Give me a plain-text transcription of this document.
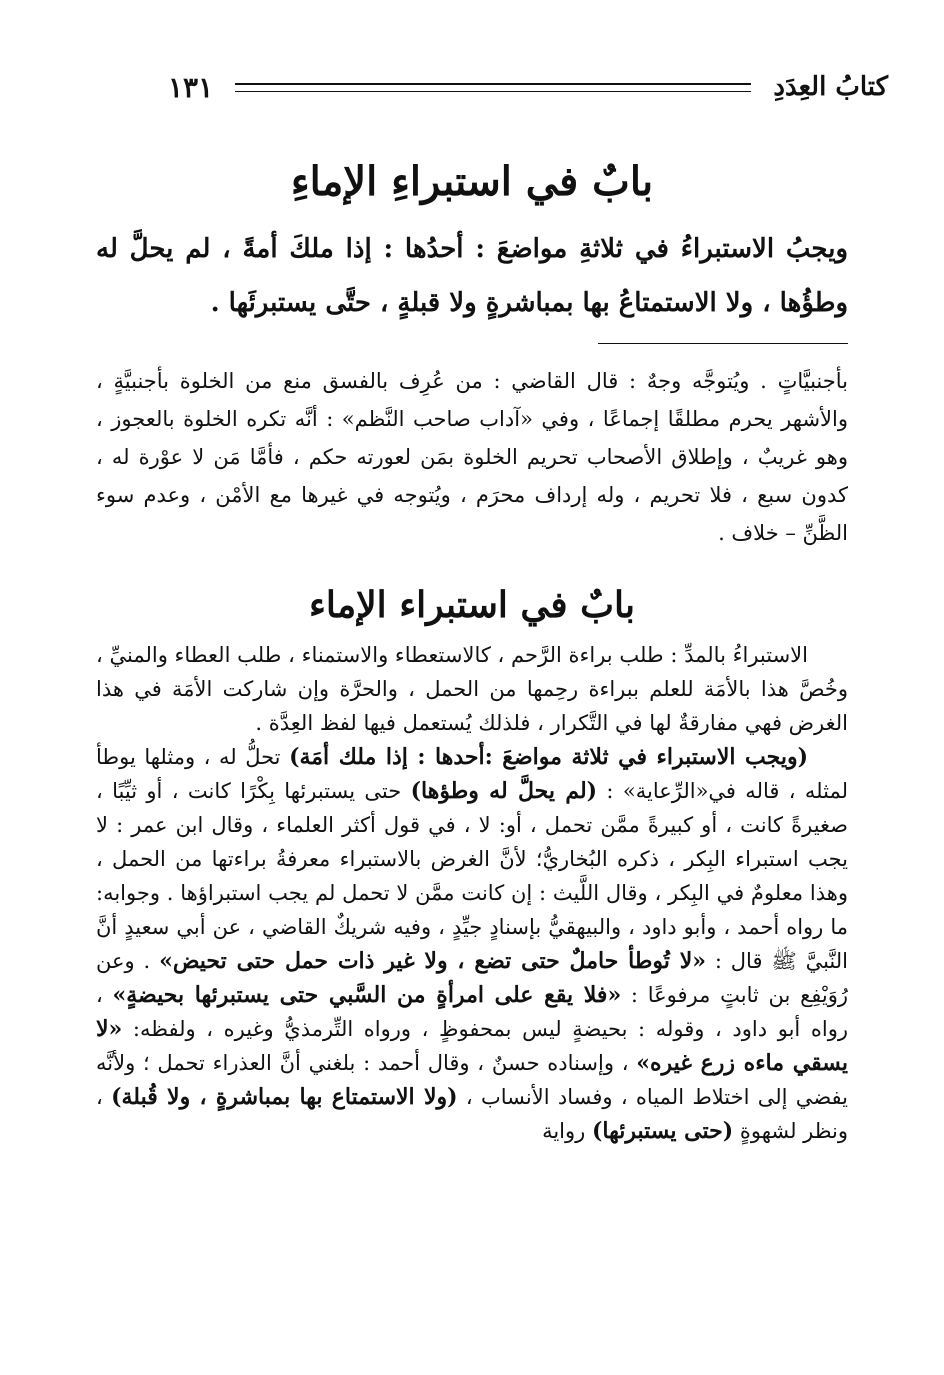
كتابُ العِدَدِ
١٣١
بابٌ في استبراءِ الإماءِ
ويجبُ الاستبراءُ في ثلاثةِ مواضعَ : أحدُها : إذا ملكَ أمةً ، لم يحلَّ له وطؤُها ، ولا الاستمتاعُ بها بمباشرةٍ ولا قبلةٍ ، حتَّى يستبرئَها .
بأجنبيَّاتٍ . ويُتوجَّه وجهٌ : قال القاضي : من عُرِف بالفسق منع من الخلوة بأجنبيَّةٍ ، والأشهر يحرم مطلقًا إجماعًا ، وفي «آداب صاحب النَّظم» : أنَّه تكره الخلوة بالعجوز ، وهو غريبٌ ، وإطلاق الأصحاب تحريم الخلوة بمَن لعورته حكم ، فأمَّا مَن لا عوْرة له ، كدون سبع ، فلا تحريم ، وله إرداف محرَم ، ويُتوجه في غيرها مع الأمْن ، وعدم سوء الظَّنِّ – خلاف .
بابٌ في استبراء الإماء

الاستبراءُ بالمدِّ : طلب براءة الرَّحم ، كالاستعطاء والاستمناء ، طلب العطاء والمنيِّ ، وخُصَّ هذا بالأمَة للعلم ببراءة رحِمها من الحمل ، والحرَّة وإن شاركت الأمَة في هذا الغرض فهي مفارقةٌ لها في التَّكرار ، فلذلك يُستعمل فيها لفظ العِدَّة .

(ويجب الاستبراء في ثلاثة مواضعَ :أحدها : إذا ملك أمَة) تحلُّ له ، ومثلها يوطأ لمثله ، قاله في«الرِّعاية» : (لم يحلَّ له وطؤها) حتى يستبرئها بِكْرًا كانت ، أو ثيِّبًا ، صغيرةً كانت ، أو كبيرةً ممَّن تحمل ، أو: لا ، في قول أكثر العلماء ، وقال ابن عمر : لا يجب استبراء البِكر ، ذكره البُخاريُّ؛ لأنَّ الغرض بالاستبراء معرفةُ براءتها من الحمل ، وهذا معلومٌ في البِكر ، وقال اللَّيث : إن كانت ممَّن لا تحمل لم يجب استبراؤها . وجوابه: ما رواه أحمد ، وأبو داود ، والبيهقيُّ بإسنادٍ جيِّدٍ ، وفيه شريكٌ القاضي ، عن أبي سعيدٍ أنَّ النَّبيَّ ﷺ قال : «لا تُوطأ حاملٌ حتى تضع ، ولا غير ذات حمل حتى تحيض» . وعن رُوَيْفِع بن ثابتٍ مرفوعًا : «فلا يقع على امرأةٍ من السَّبي حتى يستبرئها بحيضةٍ» ، رواه أبو داود ، وقوله : بحيضةٍ ليس بمحفوظٍ ، ورواه التِّرمذيُّ وغيره ، ولفظه: «لا يسقي ماءه زرع غيره» ، وإسناده حسنٌ ، وقال أحمد : بلغني أنَّ العذراء تحمل ؛ ولأنَّه يفضي إلى اختلاط المياه ، وفساد الأنساب ، (ولا الاستمتاع بها بمباشرةٍ ، ولا قُبلة) ، ونظر لشهوةٍ (حتى يستبرئها) رواية
